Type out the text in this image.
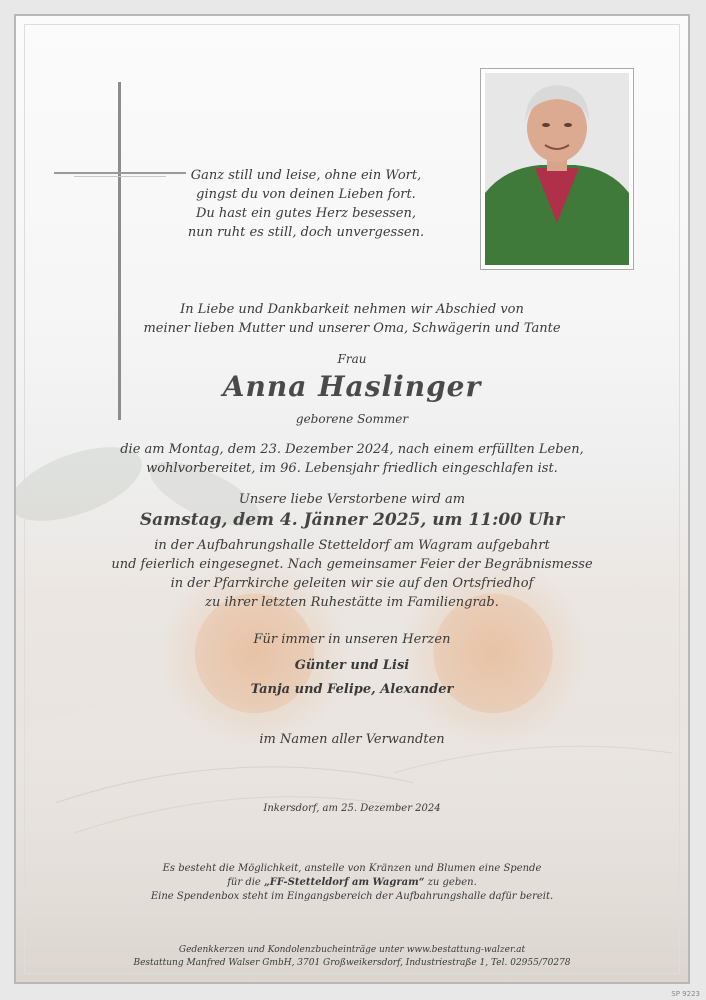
Ganz still und leise, ohne ein Wort,
gingst du von deinen Lieben fort.
Du hast ein gutes Herz besessen,
nun ruht es still, doch unvergessen.
In Liebe und Dankbarkeit nehmen wir Abschied von
meiner lieben Mutter und unserer Oma, Schwägerin und Tante
Frau
Anna Haslinger
geborene Sommer
die am Montag, dem 23. Dezember 2024, nach einem erfüllten Leben,
wohlvorbereitet, im 96. Lebensjahr friedlich eingeschlafen ist.
Unsere liebe Verstorbene wird am
Samstag, dem 4. Jänner 2025, um 11:00 Uhr
in der Aufbahrungshalle Stetteldorf am Wagram aufgebahrt
und feierlich eingesegnet. Nach gemeinsamer Feier der Begräbnismesse
in der Pfarrkirche geleiten wir sie auf den Ortsfriedhof
zu ihrer letzten Ruhestätte im Familiengrab.
Für immer in unseren Herzen
Günter und Lisi
Tanja und Felipe, Alexander
im Namen aller Verwandten
Inkersdorf, am 25. Dezember 2024
Es besteht die Möglichkeit, anstelle von Kränzen und Blumen eine Spende
für die „FF-Stetteldorf am Wagram“ zu geben.
Eine Spendenbox steht im Eingangsbereich der Aufbahrungshalle dafür bereit.
Gedenkkerzen und Kondolenzbucheinträge unter www.bestattung-walzer.at
Bestattung Manfred Walser GmbH, 3701 Großweikersdorf, Industriestraße 1, Tel. 02955/70278
SP 9223
